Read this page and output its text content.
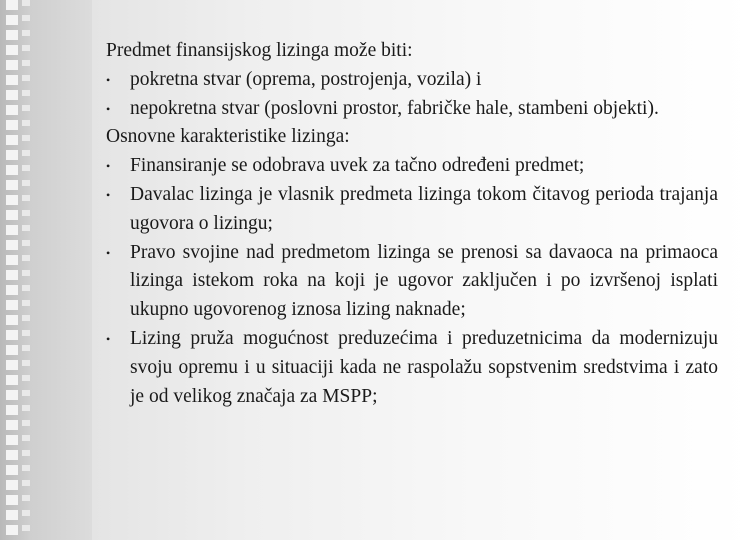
Predmet finansijskog lizinga može biti:

• pokretna stvar (oprema, postrojenja, vozila) i
• nepokretna stvar (poslovni prostor, fabričke hale, stambeni objekti).

Osnovne karakteristike lizinga:

• Finansiranje se odobrava uvek za tačno određeni predmet;
• Davalac lizinga je vlasnik predmeta lizinga tokom čitavog perioda trajanja ugovora o lizingu;
• Pravo svojine nad predmetom lizinga se prenosi sa davaoca na primaoca lizinga istekom roka na koji je ugovor zaključen i po izvršenoj isplati ukupno ugovorenog iznosa lizing naknade;
• Lizing pruža mogućnost preduzećima i preduzetnicima da modernizuju svoju opremu i u situaciji kada ne raspolažu sopstvenim sredstvima i zato je od velikog značaja za MSPP;
